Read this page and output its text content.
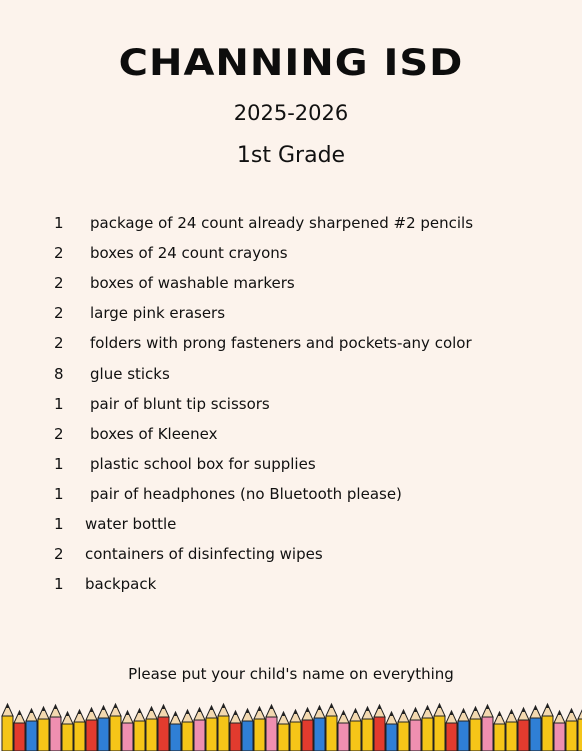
CHANNING ISD
2025-2026
1st Grade
1 package of 24 count already sharpened #2 pencils
2 boxes of 24 count crayons
2 boxes of washable markers
2 large pink erasers
2 folders with prong fasteners and pockets-any color
8 glue sticks
1 pair of blunt tip scissors
2 boxes of Kleenex
1 plastic school box for supplies
1 pair of headphones (no Bluetooth please)
1 water bottle
2 containers of disinfecting wipes
1 backpack
Please put your child's name on everything
